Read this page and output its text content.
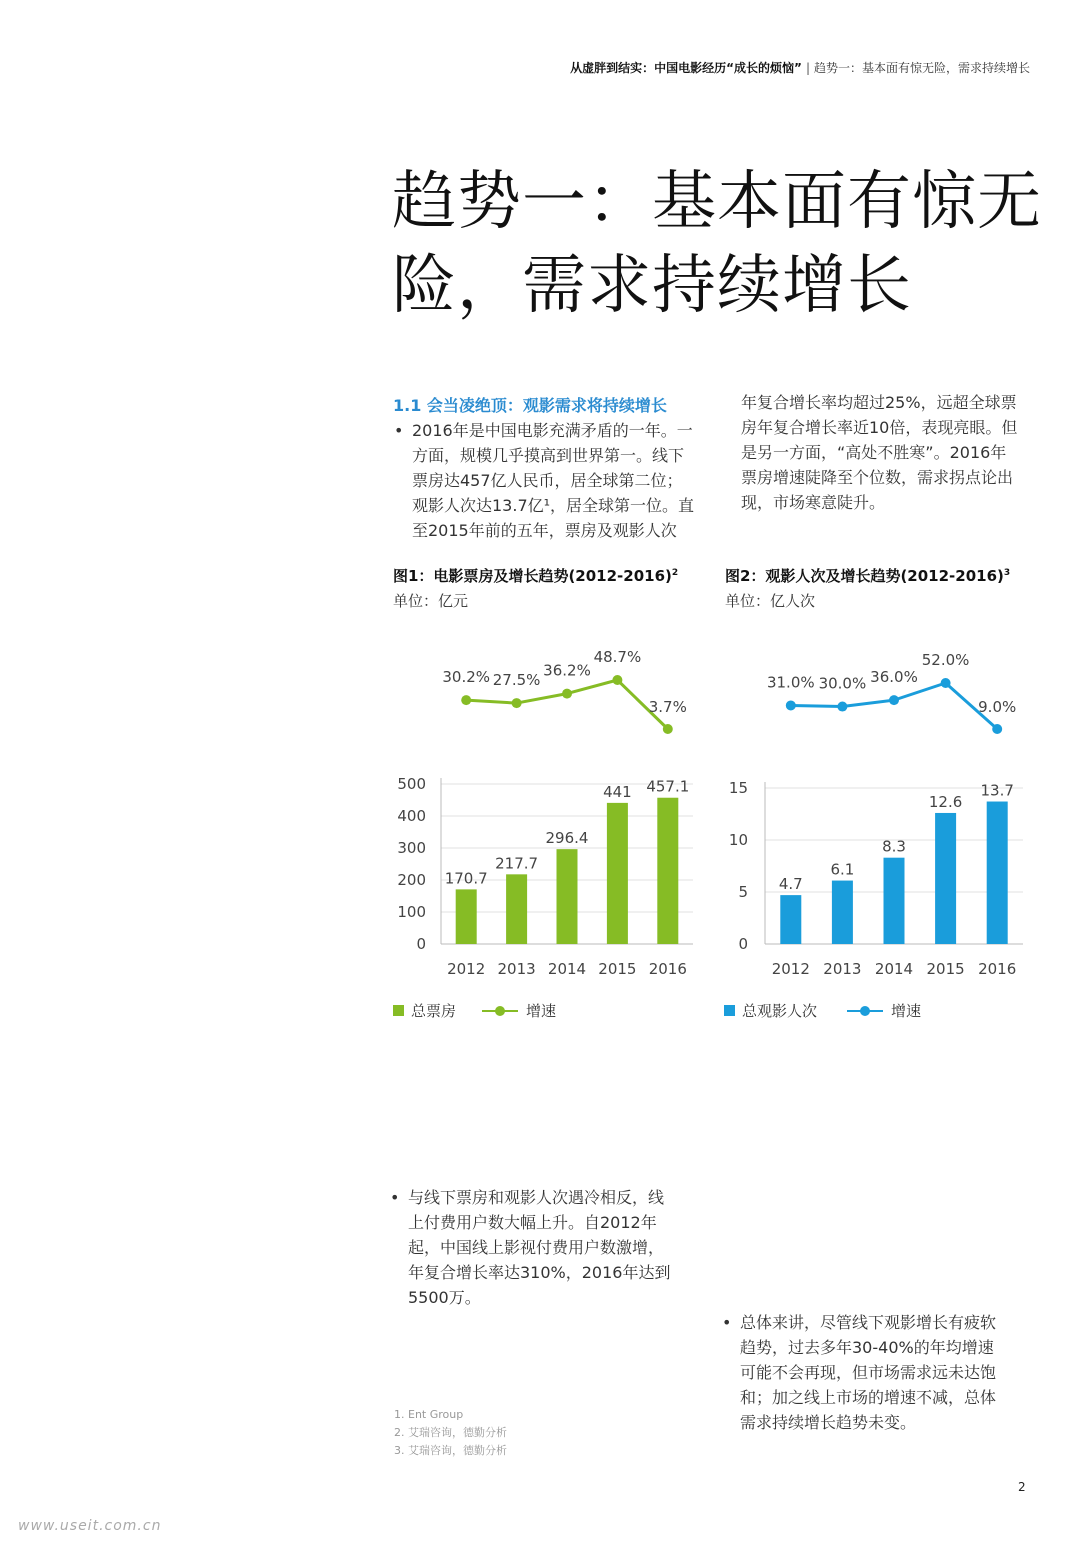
从虚胖到结实：中国电影经历“成长的烦恼” | 趋势一：基本面有惊无险，需求持续增长
趋势一：基本面有惊无
险，需求持续增长
1.1 会当凌绝顶：观影需求将持续增长
• 2016年是中国电影充满矛盾的一年。一
方面，规模几乎摸高到世界第一。线下
票房达457亿人民币，居全球第二位；
观影人次达13.7亿¹，居全球第一位。直
至2015年前的五年，票房及观影人次
年复合增长率均超过25%，远超全球票
房年复合增长率近10倍，表现亮眼。但
是另一方面，“高处不胜寒”。2016年
票房增速陡降至个位数，需求拐点论出
现，市场寒意陡升。
图1：电影票房及增长趋势(2012-2016)$^2$
单位：亿元
0
100
200
300
400
500
170.7
2012
217.7
2013
296.4
2014
441
2015
457.1
2016
30.2% 27.5%
36.2%
48.7%
3.7%
总票房	增速
图2：观影人次及增长趋势(2012-2016)$^3$
单位：亿人次
0
5
10
15
4.7
2012
6.1
2013
8.3
2014
12.6
2015
13.7
2016
31.0% 30.0% 36.0%
52.0%
9.0%
总观影人次	增速
• 与线下票房和观影人次遇冷相反，线
上付费用户数大幅上升。自2012年
起，中国线上影视付费用户数激增，
年复合增长率达310%，2016年达到
5500万。
• 总体来讲，尽管线下观影增长有疲软
趋势，过去多年30-40%的年均增速
可能不会再现，但市场需求远未达饱
和；加之线上市场的增速不减，总体
需求持续增长趋势未变。
1. Ent Group
2. 艾瑞咨询，德勤分析
3. 艾瑞咨询，德勤分析
2
www.useit.com.cn
